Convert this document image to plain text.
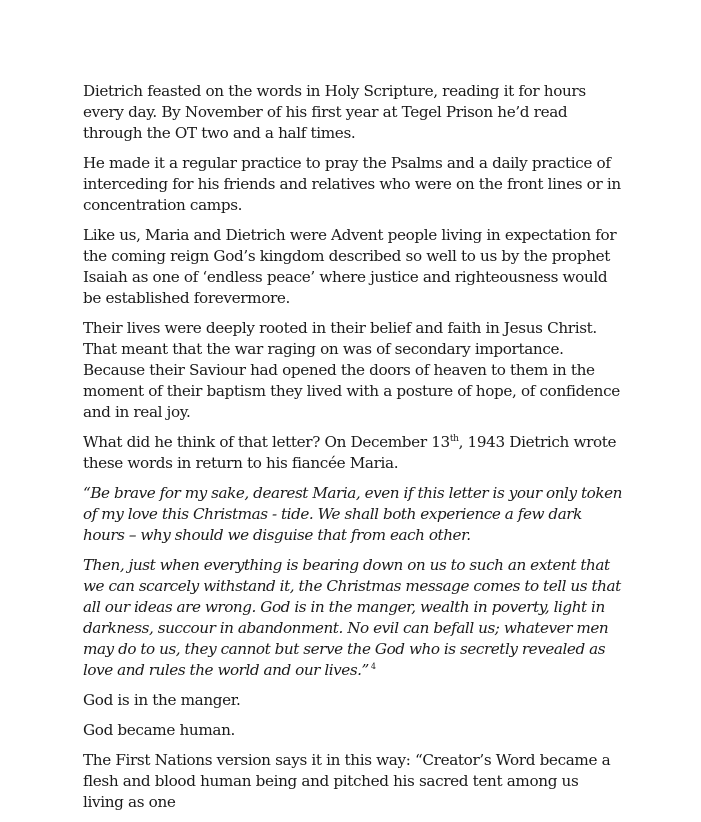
Dietrich feasted on the words in Holy Scripture, reading it for hours every day. By November of his first year at Tegel Prison he’d read through the OT two and a half times.

He made it a regular practice to pray the Psalms and a daily practice of interceding for his friends and relatives who were on the front lines or in concentration camps.

Like us, Maria and Dietrich were Advent people living in expectation for the coming reign God’s kingdom described so well to us by the prophet Isaiah as one of ‘endless peace’ where justice and righteousness would be established forevermore.

Their lives were deeply rooted in their belief and faith in Jesus Christ. That meant that the war raging on was of secondary importance. Because their Saviour had opened the doors of heaven to them in the moment of their baptism they lived with a posture of hope, of confidence and in real joy.

What did he think of that letter? On December 13th, 1943 Dietrich wrote these words in return to his fiancée Maria.

“Be brave for my sake, dearest Maria, even if this letter is your only token of my love this Christmas - tide. We shall both experience a few dark hours – why should we disguise that from each other.

Then, just when everything is bearing down on us to such an extent that we can scarcely withstand it, the Christmas message comes to tell us that all our ideas are wrong. God is in the manger, wealth in poverty, light in darkness, succour in abandonment. No evil can befall us; whatever men may do to us, they cannot but serve the God who is secretly revealed as love and rules the world and our lives.” $^4$

God is in the manger.

God became human.

The First Nations version says it in this way: “Creator’s Word became a flesh and blood human being and pitched his sacred tent among us living as one
